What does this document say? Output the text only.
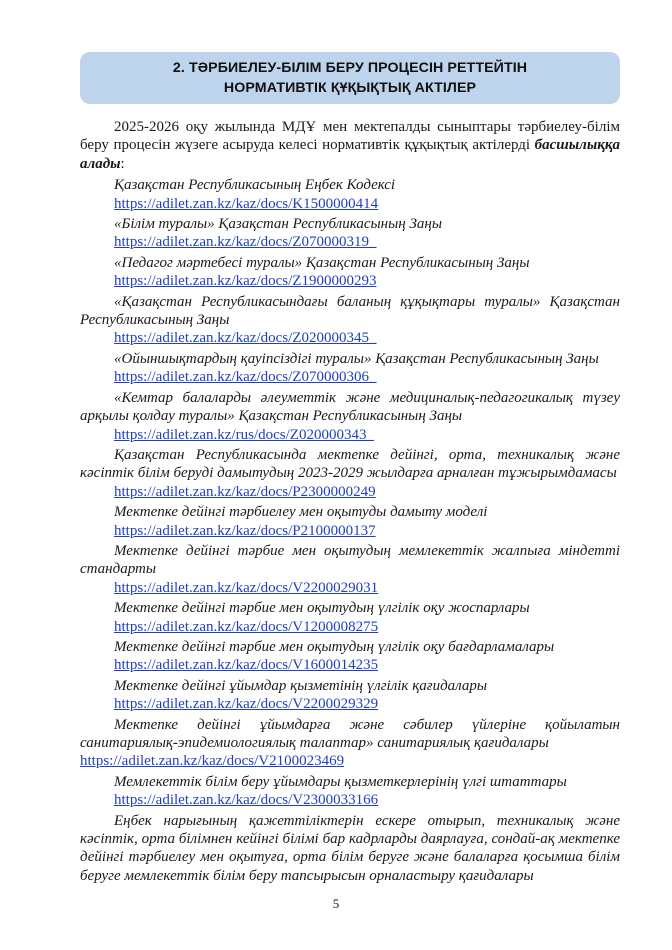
2. ТӘРБИЕЛЕУ-БІЛІМ БЕРУ ПРОЦЕСІН РЕТТЕЙТІН
НОРМАТИВТІК ҚҰҚЫҚТЫҚ АКТІЛЕР

2025-2026 оқу жылында МДҰ мен мектепалды сыныптары тәрбиелеу-білім беру процесін жүзеге асыруда келесі нормативтік құқықтық актілерді басшылыққа алады:

Қазақстан Республикасының Еңбек Кодексі
https://adilet.zan.kz/kaz/docs/K1500000414
«Білім туралы» Қазақстан Республикасының Заңы
https://adilet.zan.kz/kaz/docs/Z070000319_
«Педагог мәртебесі туралы» Қазақстан Республикасының Заңы
https://adilet.zan.kz/kaz/docs/Z1900000293
«Қазақстан Республикасындағы баланың құқықтары туралы» Қазақстан Республикасының Заңы
https://adilet.zan.kz/kaz/docs/Z020000345_
«Ойыншықтардың қауіпсіздігі туралы» Қазақстан Республикасының Заңы
https://adilet.zan.kz/kaz/docs/Z070000306_
«Кемтар балаларды әлеуметтік және медициналық-педагогикалық түзеу арқылы қолдау туралы» Қазақстан Республикасының Заңы
https://adilet.zan.kz/rus/docs/Z020000343_
Қазақстан Республикасында мектепке дейінгі, орта, техникалық және кәсіптік білім беруді дамытудың 2023-2029 жылдарға арналған тұжырымдамасы
https://adilet.zan.kz/kaz/docs/P2300000249
Мектепке дейінгі тәрбиелеу мен оқытуды дамыту моделі
https://adilet.zan.kz/kaz/docs/P2100000137
Мектепке дейінгі тәрбие мен оқытудың мемлекеттік жалпыға міндетті стандарты
https://adilet.zan.kz/kaz/docs/V2200029031
Мектепке дейінгі тәрбие мен оқытудың үлгілік оқу жоспарлары
https://adilet.zan.kz/kaz/docs/V1200008275
Мектепке дейінгі тәрбие мен оқытудың үлгілік оқу бағдарламалары
https://adilet.zan.kz/kaz/docs/V1600014235
Мектепке дейінгі ұйымдар қызметінің үлгілік қағидалары
https://adilet.zan.kz/kaz/docs/V2200029329
Мектепке дейінгі ұйымдарға және сәбилер үйлеріне қойылатын санитариялық-эпидемиологиялық талаптар» санитариялық қағидалары
https://adilet.zan.kz/kaz/docs/V2100023469
Мемлекеттік білім беру ұйымдары қызметкерлерінің үлгі штаттары
https://adilet.zan.kz/kaz/docs/V2300033166
Еңбек нарығының қажеттіліктерін ескере отырып, техникалық және кәсіптік, орта білімнен кейінгі білімі бар кадрларды даярлауға, сондай-ақ мектепке дейінгі тәрбиелеу мен оқытуға, орта білім беруге және балаларға қосымша білім беруге мемлекеттік білім беру тапсырысын орналастыру қағидалары
5
